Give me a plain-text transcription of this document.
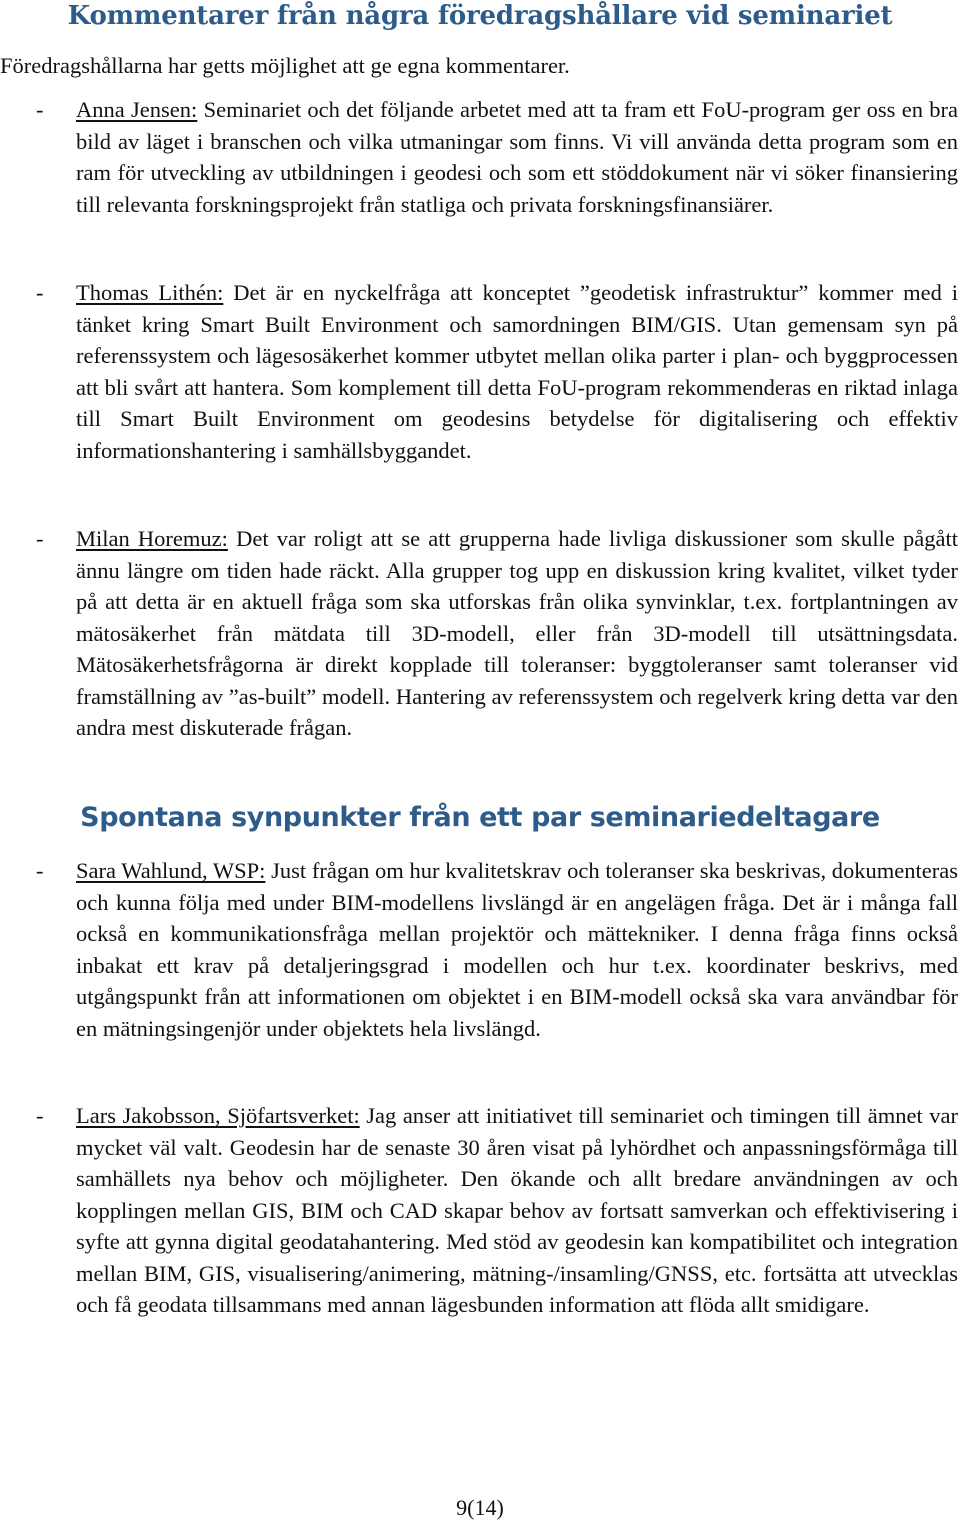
Kommentarer från några föredragshållare vid seminariet

Föredragshållarna har getts möjlighet att ge egna kommentarer.

- Anna Jensen: Seminariet och det följande arbetet med att ta fram ett FoU-program ger oss en bra bild av läget i branschen och vilka utmaningar som finns. Vi vill använda detta program som en ram för utveckling av utbildningen i geodesi och som ett stöddokument när vi söker finansiering till relevanta forskningsprojekt från statliga och privata forskningsfinansiärer.

- Thomas Lithén: Det är en nyckelfråga att konceptet ”geodetisk infrastruktur” kommer med i tänket kring Smart Built Environment och samordningen BIM/GIS. Utan gemensam syn på referenssystem och lägesosäkerhet kommer utbytet mellan olika parter i plan- och byggprocessen att bli svårt att hantera. Som komplement till detta FoU-program rekommenderas en riktad inlaga till Smart Built Environment om geodesins betydelse för digitalisering och effektiv informationshantering i samhällsbyggandet.

- Milan Horemuz: Det var roligt att se att grupperna hade livliga diskussioner som skulle pågått ännu längre om tiden hade räckt. Alla grupper tog upp en diskussion kring kvalitet, vilket tyder på att detta är en aktuell fråga som ska utforskas från olika synvinklar, t.ex. fortplantningen av mätosäkerhet från mätdata till 3D-modell, eller från 3D-modell till utsättningsdata. Mätosäkerhetsfrågorna är direkt kopplade till toleranser: byggtoleranser samt toleranser vid framställning av ”as-built” modell. Hantering av referenssystem och regelverk kring detta var den andra mest diskuterade frågan.

Spontana synpunkter från ett par seminariedeltagare
- Sara Wahlund, WSP: Just frågan om hur kvalitetskrav och toleranser ska beskrivas, dokumenteras och kunna följa med under BIM-modellens livslängd är en angelägen fråga. Det är i många fall också en kommunikationsfråga mellan projektör och mättekniker. I denna fråga finns också inbakat ett krav på detaljeringsgrad i modellen och hur t.ex. koordinater beskrivs, med utgångspunkt från att informationen om objektet i en BIM-modell också ska vara användbar för en mätningsingenjör under objektets hela livslängd.

- Lars Jakobsson, Sjöfartsverket: Jag anser att initiativet till seminariet och timingen till ämnet var mycket väl valt. Geodesin har de senaste 30 åren visat på lyhördhet och anpassningsförmåga till samhällets nya behov och möjligheter. Den ökande och allt bredare användningen av och kopplingen mellan GIS, BIM och CAD skapar behov av fortsatt samverkan och effektivisering i syfte att gynna digital geodatahantering. Med stöd av geodesin kan kompatibilitet och integration mellan BIM, GIS, visualisering/animering, mätning-/insamling/GNSS, etc. fortsätta att utvecklas och få geodata tillsammans med annan lägesbunden information att flöda allt smidigare.

9(14)
